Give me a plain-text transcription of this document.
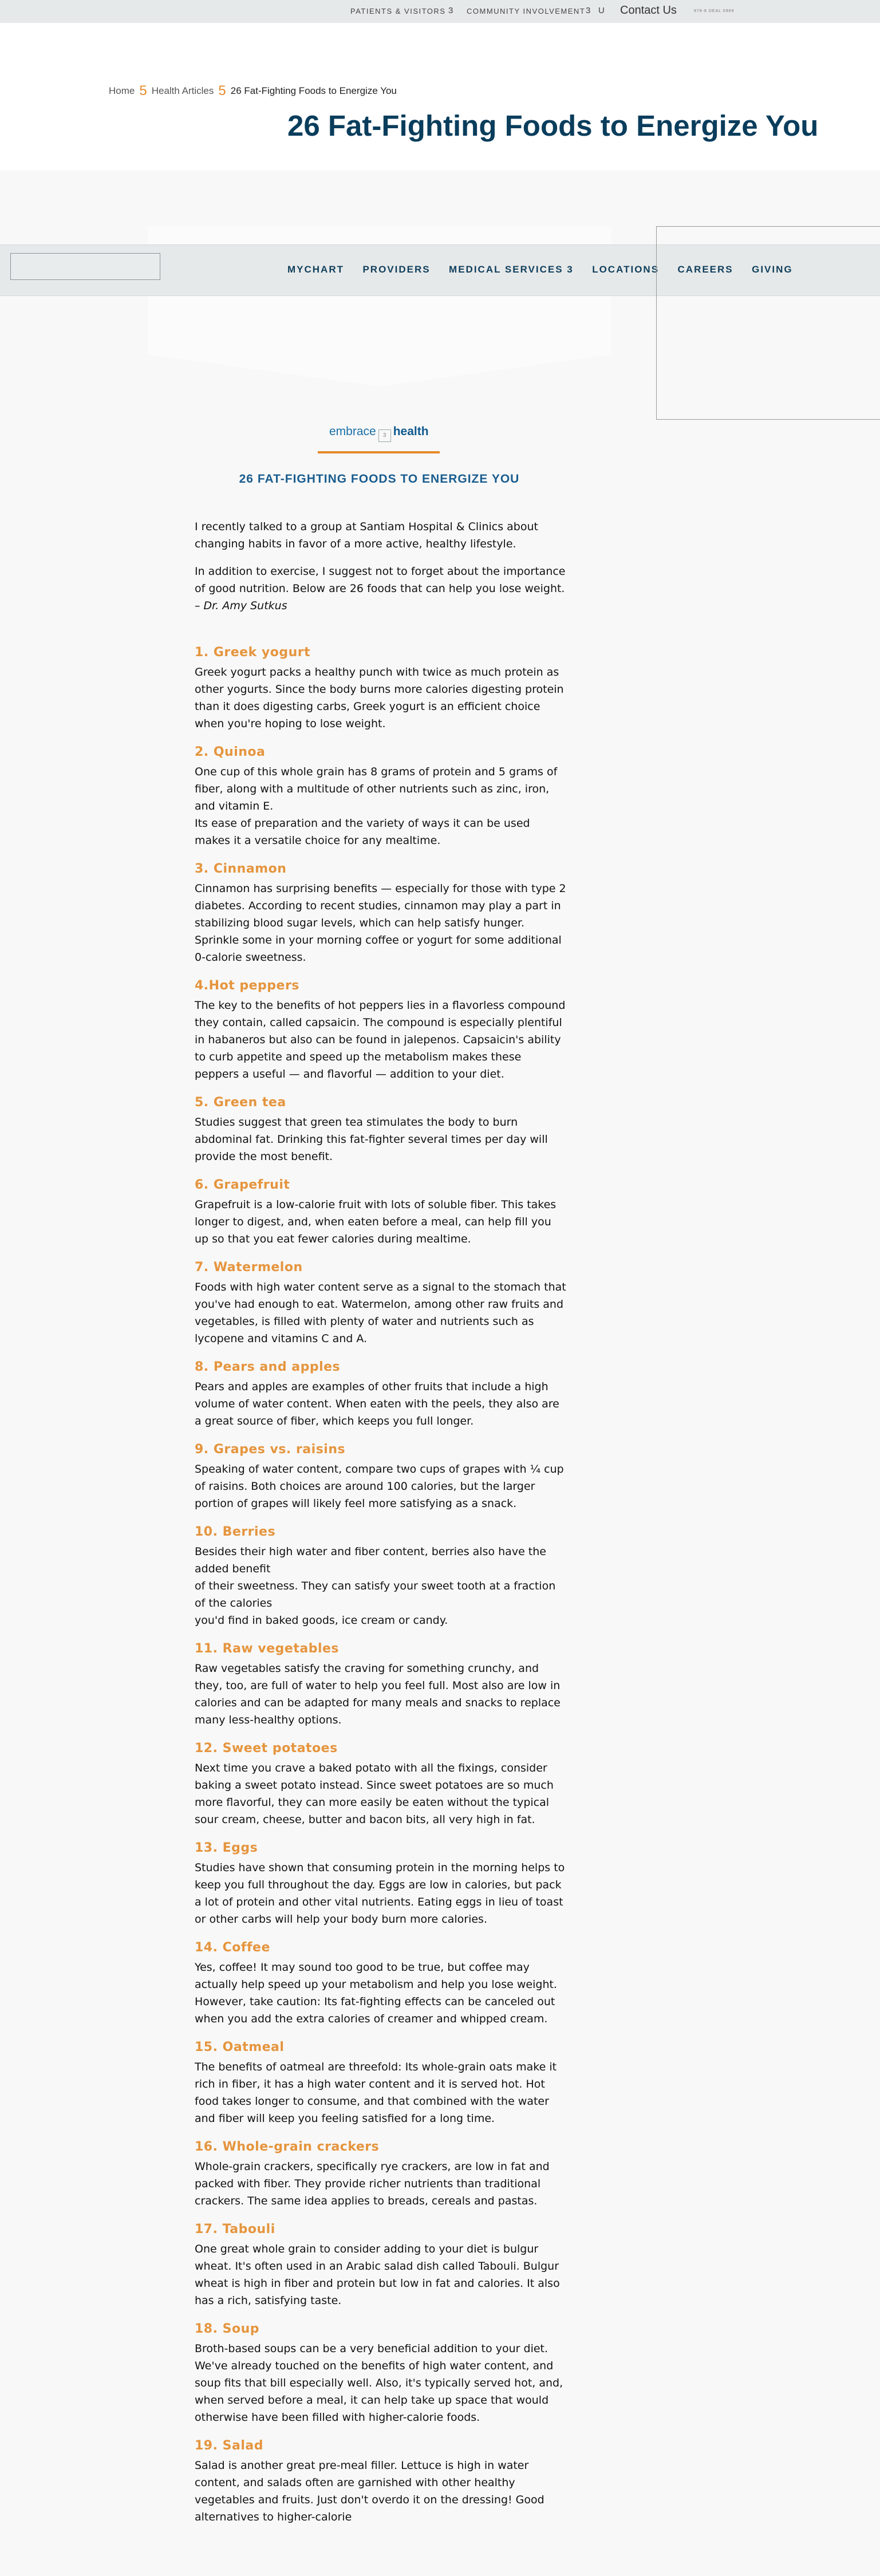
PATIENTS & VISITORS 3 COMMUNITY INVOLVEMENT 3 U Contact Us	978-8 DEAL 0969
Home 5 Health Articles 5 26 Fat-Fighting Foods to Energize You
26 Fat-Fighting Foods to Energize You
MYCHART PROVIDERS MEDICAL SERVICES 3 LOCATIONS CAREERS GIVING
embrace 3 health
26 FAT-FIGHTING FOODS TO ENERGIZE YOU

I recently talked to a group at Santiam Hospital & Clinics about changing habits in favor of a more active, healthy lifestyle.

In addition to exercise, I suggest not to forget about the importance of good nutrition. Below are 26 foods that can help you lose weight.
– Dr. Amy Sutkus

1. Greek yogurt

Greek yogurt packs a healthy punch with twice as much protein as other yogurts. Since the body burns more calories digesting protein than it does digesting carbs, Greek yogurt is an efficient choice when you're hoping to lose weight.

2. Quinoa

One cup of this whole grain has 8 grams of protein and 5 grams of fiber, along with a multitude of other nutrients such as zinc, iron, and vitamin E.

Its ease of preparation and the variety of ways it can be used makes it a versatile choice for any mealtime.

3. Cinnamon

Cinnamon has surprising benefits — especially for those with type 2 diabetes. According to recent studies, cinnamon may play a part in stabilizing blood sugar levels, which can help satisfy hunger. Sprinkle some in your morning coffee or yogurt for some additional 0-calorie sweetness.

4.Hot peppers

The key to the benefits of hot peppers lies in a flavorless compound they contain, called capsaicin. The compound is especially plentiful in habaneros but also can be found in jalepenos. Capsaicin's ability to curb appetite and speed up the metabolism makes these peppers a useful — and flavorful — addition to your diet.

5. Green tea

Studies suggest that green tea stimulates the body to burn abdominal fat. Drinking this fat-fighter several times per day will provide the most benefit.

6. Grapefruit

Grapefruit is a low-calorie fruit with lots of soluble fiber. This takes longer to digest, and, when eaten before a meal, can help fill you up so that you eat fewer calories during mealtime.

7. Watermelon

Foods with high water content serve as a signal to the stomach that you've had enough to eat. Watermelon, among other raw fruits and vegetables, is filled with plenty of water and nutrients such as lycopene and vitamins C and A.

8. Pears and apples

Pears and apples are examples of other fruits that include a high volume of water content. When eaten with the peels, they also are a great source of fiber, which keeps you full longer.

9. Grapes vs. raisins

Speaking of water content, compare two cups of grapes with ¼ cup of raisins. Both choices are around 100 calories, but the larger portion of grapes will likely feel more satisfying as a snack.

10. Berries

Besides their high water and fiber content, berries also have the added benefit
of their sweetness. They can satisfy your sweet tooth at a fraction of the calories
you'd find in baked goods, ice cream or candy.

11. Raw vegetables

Raw vegetables satisfy the craving for something crunchy, and they, too, are full of water to help you feel full. Most also are low in calories and can be adapted for many meals and snacks to replace many less-healthy options.

12. Sweet potatoes

Next time you crave a baked potato with all the fixings, consider baking a sweet potato instead. Since sweet potatoes are so much more flavorful, they can more easily be eaten without the typical sour cream, cheese, butter and bacon bits, all very high in fat.

13. Eggs

Studies have shown that consuming protein in the morning helps to keep you full throughout the day. Eggs are low in calories, but pack a lot of protein and other vital nutrients. Eating eggs in lieu of toast or other carbs will help your body burn more calories.

14. Coffee

Yes, coffee! It may sound too good to be true, but coffee may actually help speed up your metabolism and help you lose weight. However, take caution: Its fat-fighting effects can be canceled out when you add the extra calories of creamer and whipped cream.

15. Oatmeal

The benefits of oatmeal are threefold: Its whole-grain oats make it rich in fiber, it has a high water content and it is served hot. Hot food takes longer to consume, and that combined with the water and fiber will keep you feeling satisfied for a long time.

16. Whole-grain crackers

Whole-grain crackers, specifically rye crackers, are low in fat and packed with fiber. They provide richer nutrients than traditional crackers. The same idea applies to breads, cereals and pastas.

17. Tabouli

One great whole grain to consider adding to your diet is bulgur wheat. It's often used in an Arabic salad dish called Tabouli. Bulgur wheat is high in fiber and protein but low in fat and calories. It also has a rich, satisfying taste.

18. Soup

Broth-based soups can be a very beneficial addition to your diet. We've already touched on the benefits of high water content, and soup fits that bill especially well. Also, it's typically served hot, and, when served before a meal, it can help take up space that would otherwise have been filled with higher-calorie foods.

19. Salad

Salad is another great pre-meal filler. Lettuce is high in water content, and salads often are garnished with other healthy vegetables and fruits. Just don't overdo it on the dressing! Good alternatives to higher-calorie
